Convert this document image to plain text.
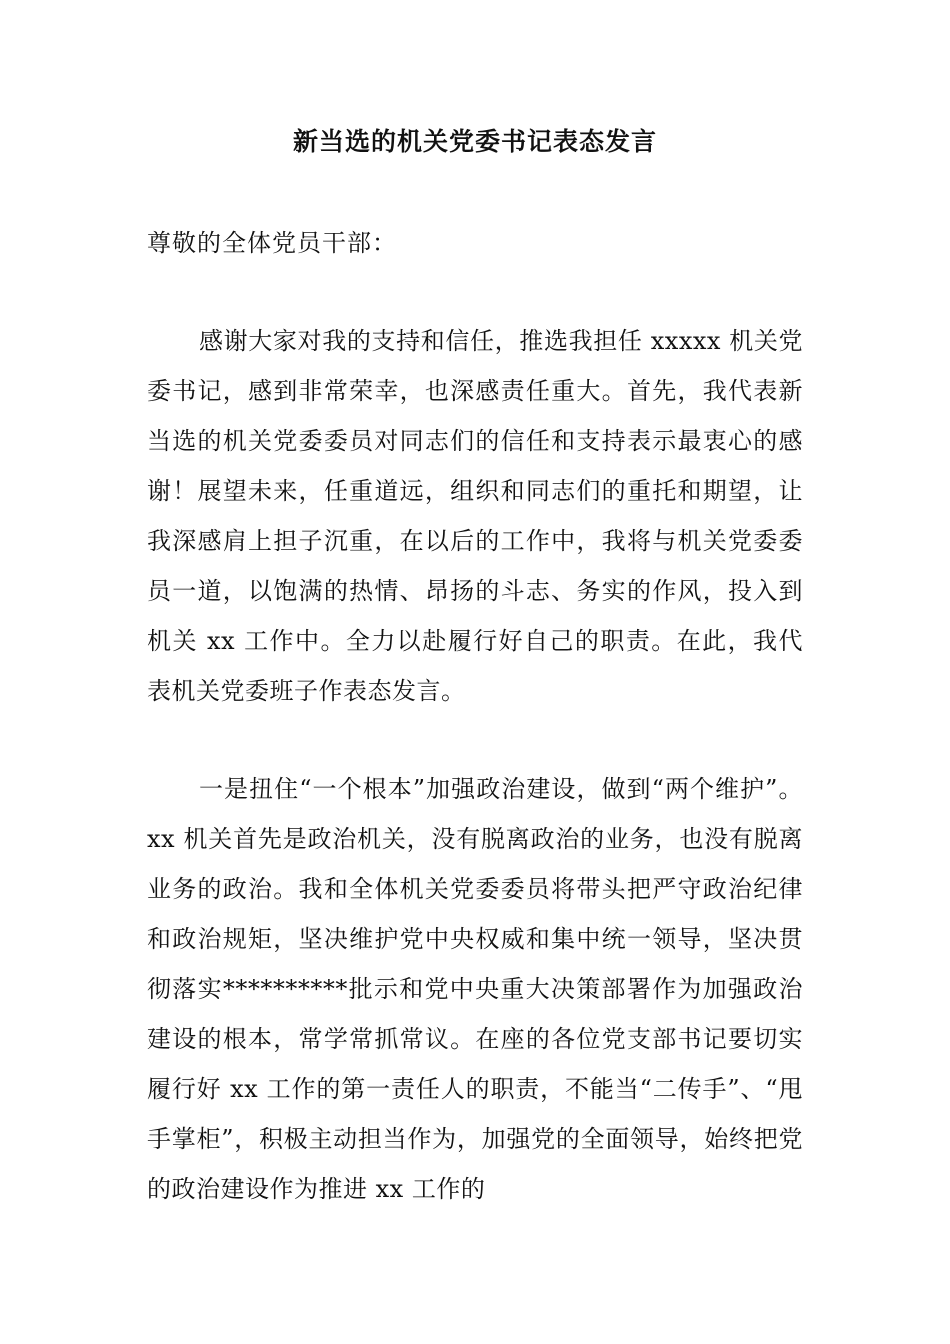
新当选的机关党委书记表态发言
尊敬的全体党员干部：
感谢大家对我的支持和信任，推选我担任 xxxxx 机关党委书记，感到非常荣幸，也深感责任重大。首先，我代表新当选的机关党委委员对同志们的信任和支持表示最衷心的感谢！展望未来，任重道远，组织和同志们的重托和期望，让我深感肩上担子沉重，在以后的工作中，我将与机关党委委员一道，以饱满的热情、昂扬的斗志、务实的作风，投入到机关 xx 工作中。全力以赴履行好自己的职责。在此，我代表机关党委班子作表态发言。
一是扭住“一个根本”加强政治建设，做到“两个维护”。xx 机关首先是政治机关，没有脱离政治的业务，也没有脱离业务的政治。我和全体机关党委委员将带头把严守政治纪律和政治规矩，坚决维护党中央权威和集中统一领导，坚决贯彻落实**********批示和党中央重大决策部署作为加强政治建设的根本，常学常抓常议。在座的各位党支部书记要切实履行好 xx 工作的第一责任人的职责，不能当“二传手”、“甩手掌柜”，积极主动担当作为，加强党的全面领导，始终把党的政治建设作为推进 xx 工作的
